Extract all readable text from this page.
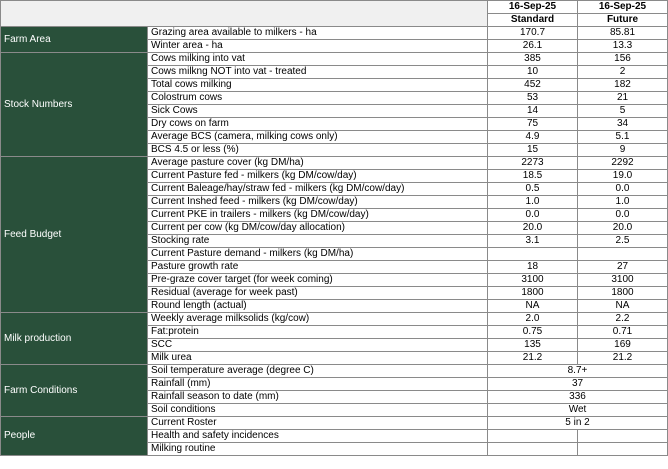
		16-Sep-25	16-Sep-25
		Standard	Future
Farm Area	Grazing area available to milkers - ha	170.7	85.81
	Winter area - ha	26.1	13.3
Stock Numbers	Cows milking into vat	385	156
	Cows milkng NOT into vat - treated	10	2
	Total cows milking	452	182
	Colostrum cows	53	21
	Sick Cows	14	5
	Dry cows on farm	75	34
	Average BCS (camera, milking cows only)	4.9	5.1
	BCS 4.5 or less (%)	15	9
Feed Budget	Average pasture cover (kg DM/ha)	2273	2292
	Current Pasture fed - milkers (kg DM/cow/day)	18.5	19.0
	Current Baleage/hay/straw fed - milkers (kg DM/cow/day)	0.5	0.0
	Current Inshed feed - milkers (kg DM/cow/day)	1.0	1.0
	Current PKE in trailers - milkers (kg DM/cow/day)	0.0	0.0
	Current per cow (kg DM/cow/day allocation)	20.0	20.0
	Stocking rate	3.1	2.5
	Current Pasture demand - milkers (kg DM/ha)		
	Pasture growth rate	18	27
	Pre-graze cover target (for week coming)	3100	3100
	Residual (average for week past)	1800	1800
	Round length (actual)	NA	NA
Milk production	Weekly average milksolids (kg/cow)	2.0	2.2
	Fat:protein	0.75	0.71
	SCC	135	169
	Milk urea	21.2	21.2
Farm Conditions	Soil temperature average (degree C)	8.7+	
	Rainfall (mm)	37	
	Rainfall season to date (mm)	336	
	Soil conditions	Wet	
People	Current Roster	5 in 2	
	Health and safety incidences		
	Milking routine		
